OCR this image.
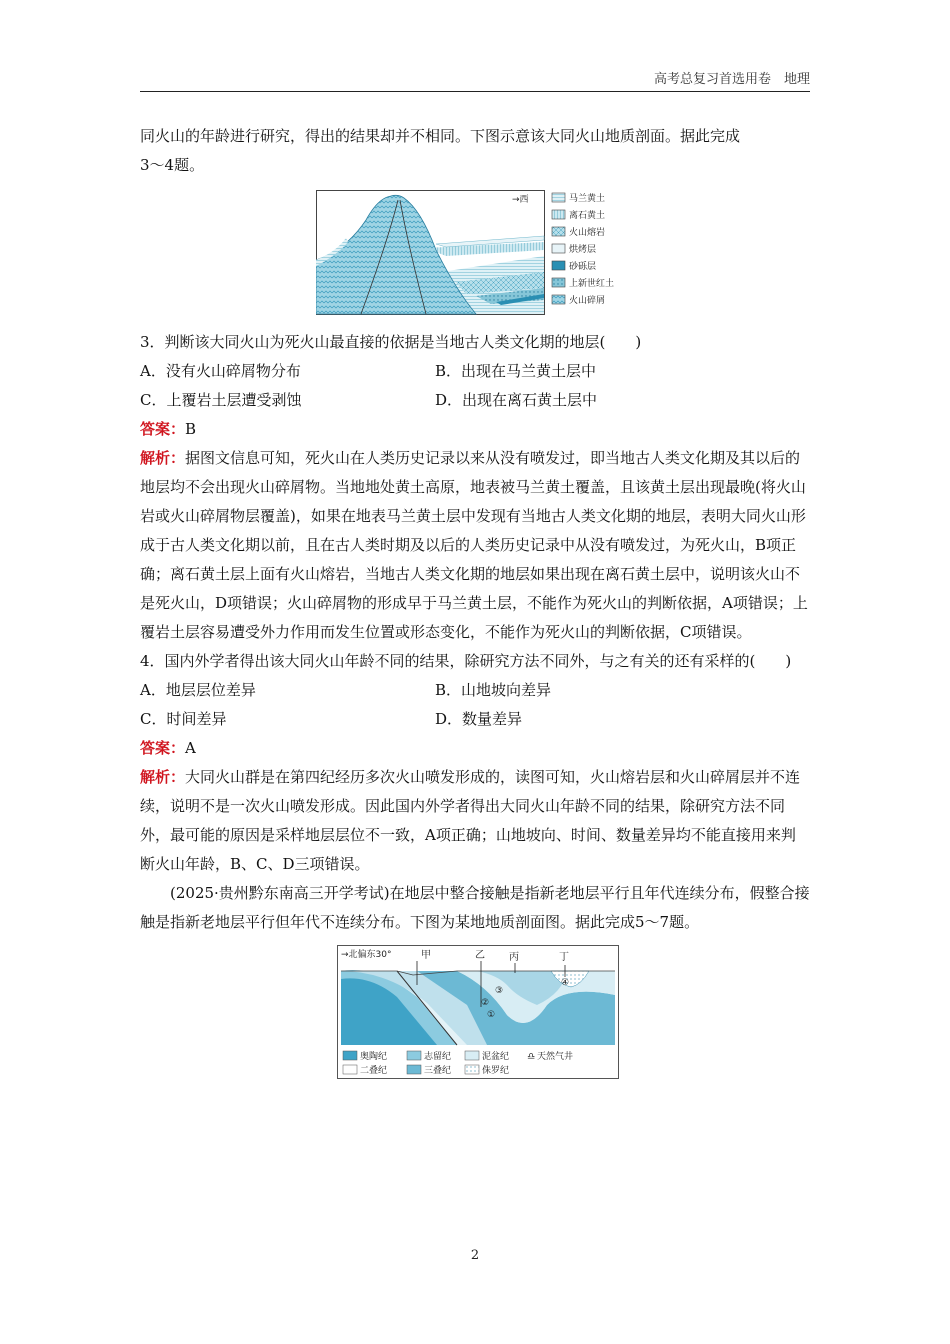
高考总复习首选用卷　地理

同火山的年龄进行研究，得出的结果却并不相同。下图示意该大同火山地质剖面。据此完成

3～4题。

→西	马兰黄土
离石黄土
火山熔岩
烘烤层
砂砾层
上新世红土
火山碎屑

3．判断该大同火山为死火山最直接的依据是当地古人类文化期的地层(　　)

A．没有火山碎屑物分布	B．出现在马兰黄土层中
C．上覆岩土层遭受剥蚀	D．出现在离石黄土层中

答案：B

解析：据图文信息可知，死火山在人类历史记录以来从没有喷发过，即当地古人类文化期及其以后的地层均不会出现火山碎屑物。当地地处黄土高原，地表被马兰黄土覆盖，且该黄土层出现最晚(将火山岩或火山碎屑物层覆盖)，如果在地表马兰黄土层中发现有当地古人类文化期的地层，表明大同火山形成于古人类文化期以前，且在古人类时期及以后的人类历史记录中从没有喷发过，为死火山，B项正确；离石黄土层上面有火山熔岩，当地古人类文化期的地层如果出现在离石黄土层中，说明该火山不是死火山，D项错误；火山碎屑物的形成早于马兰黄土层，不能作为死火山的判断依据，A项错误；上覆岩土层容易遭受外力作用而发生位置或形态变化，不能作为死火山的判断依据，C项错误。

4．国内外学者得出该大同火山年龄不同的结果，除研究方法不同外，与之有关的还有采样的(　　)

A．地层层位差异	B．山地坡向差异
C．时间差异	D．数量差异

答案：A

解析：大同火山群是在第四纪经历多次火山喷发形成的，读图可知，火山熔岩层和火山碎屑层并不连续，说明不是一次火山喷发形成。因此国内外学者得出大同火山年龄不同的结果，除研究方法不同外，最可能的原因是采样地层层位不一致，A项正确；山地坡向、时间、数量差异均不能直接用来判断火山年龄，B、C、D三项错误。

(2025·贵州黔东南高三开学考试)在地层中整合接触是指新老地层平行且年代连续分布，假整合接触是指新老地层平行但年代不连续分布。下图为某地地质剖面图。据此完成5～7题。

→北偏东30°	甲	乙 丙	丁
①
②
③
④
奥陶纪	志留纪	泥盆纪 ♎ 天然气井
二叠纪	三叠纪	侏罗纪
2
